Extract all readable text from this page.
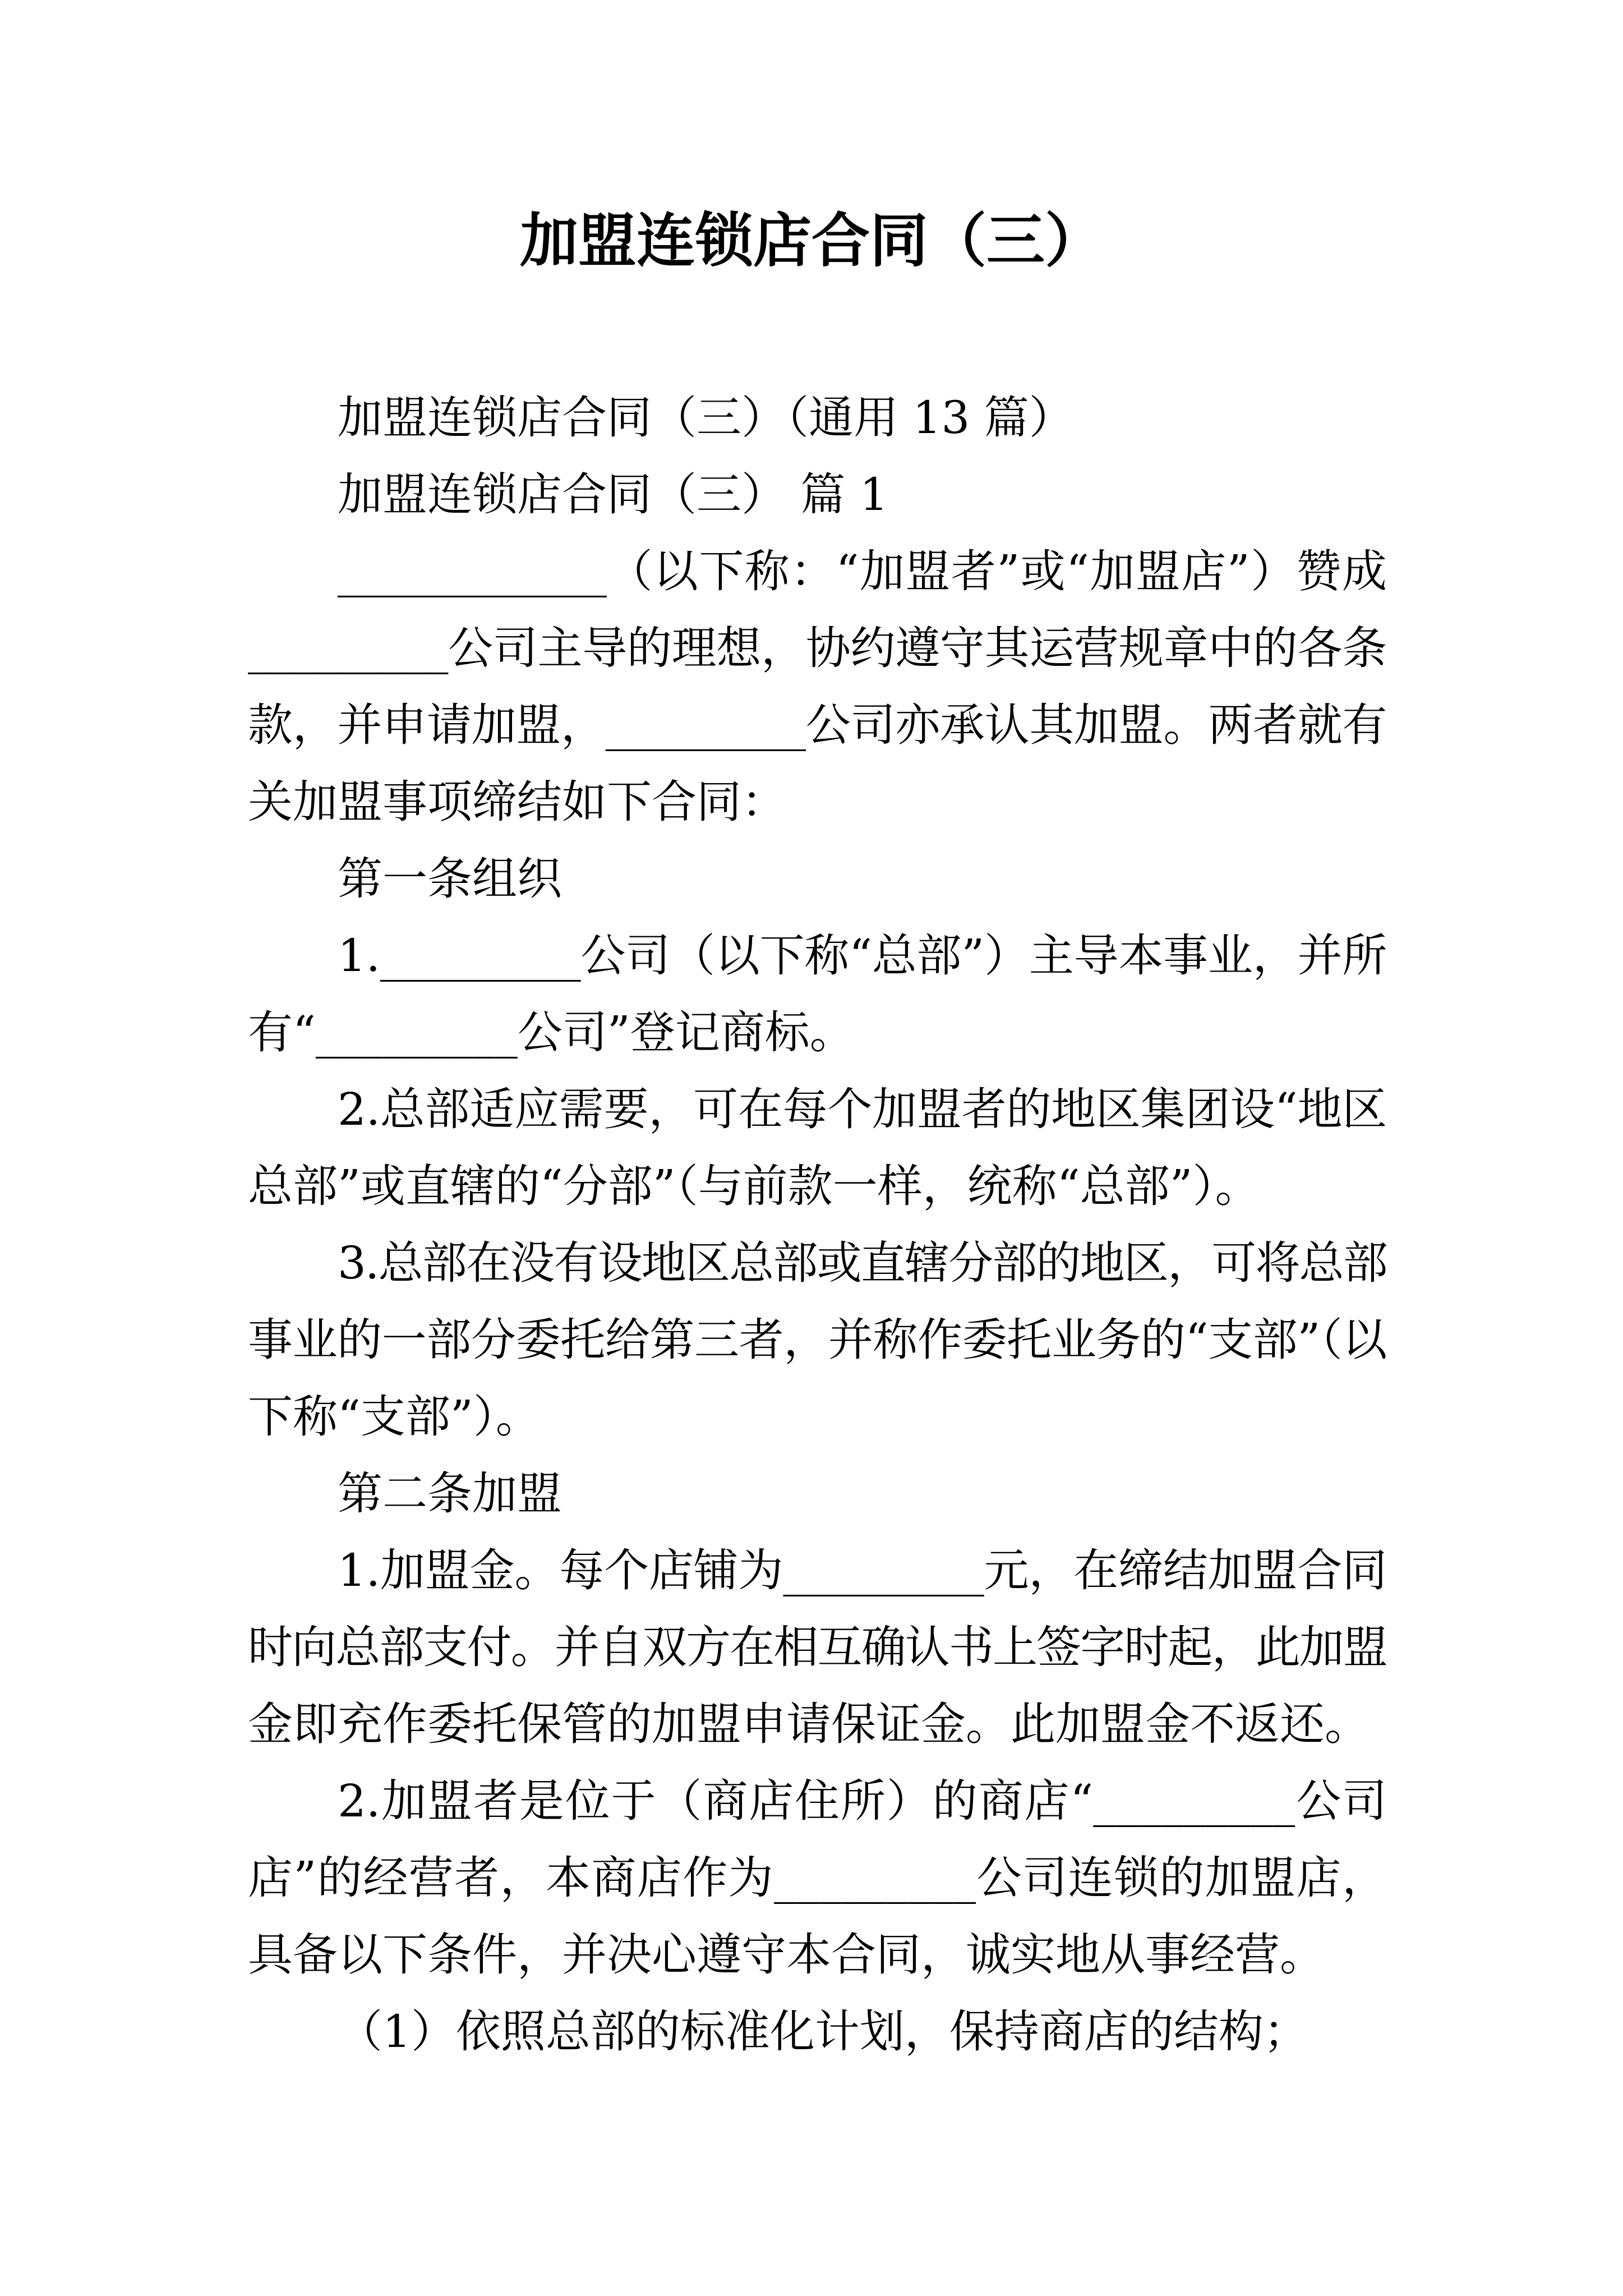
加盟连锁店合同（三）
加盟连锁店合同（三）（通用 13 篇）
加盟连锁店合同（三） 篇 1
____________（以下称：“加盟者”或“加盟店”）赞成
_________公司主导的理想，协约遵守其运营规章中的各条
款，并申请加盟，_________公司亦承认其加盟。两者就有
关加盟事项缔结如下合同：
第一条组织
1._________公司（以下称“总部”）主导本事业，并所
有“_________公司”登记商标。
2.总部适应需要，可在每个加盟者的地区集团设“地区
总部”或直辖的“分部”（与前款一样，统称“总部”）。
3.总部在没有设地区总部或直辖分部的地区，可将总部
事业的一部分委托给第三者，并称作委托业务的“支部”（以
下称“支部”）。
第二条加盟
1.加盟金。每个店铺为_________元，在缔结加盟合同
时向总部支付。并自双方在相互确认书上签字时起，此加盟
金即充作委托保管的加盟申请保证金。此加盟金不返还。
2.加盟者是位于（商店住所）的商店“_________公司
店”的经营者，本商店作为_________公司连锁的加盟店，
具备以下条件，并决心遵守本合同，诚实地从事经营。
（1）依照总部的标准化计划，保持商店的结构；
